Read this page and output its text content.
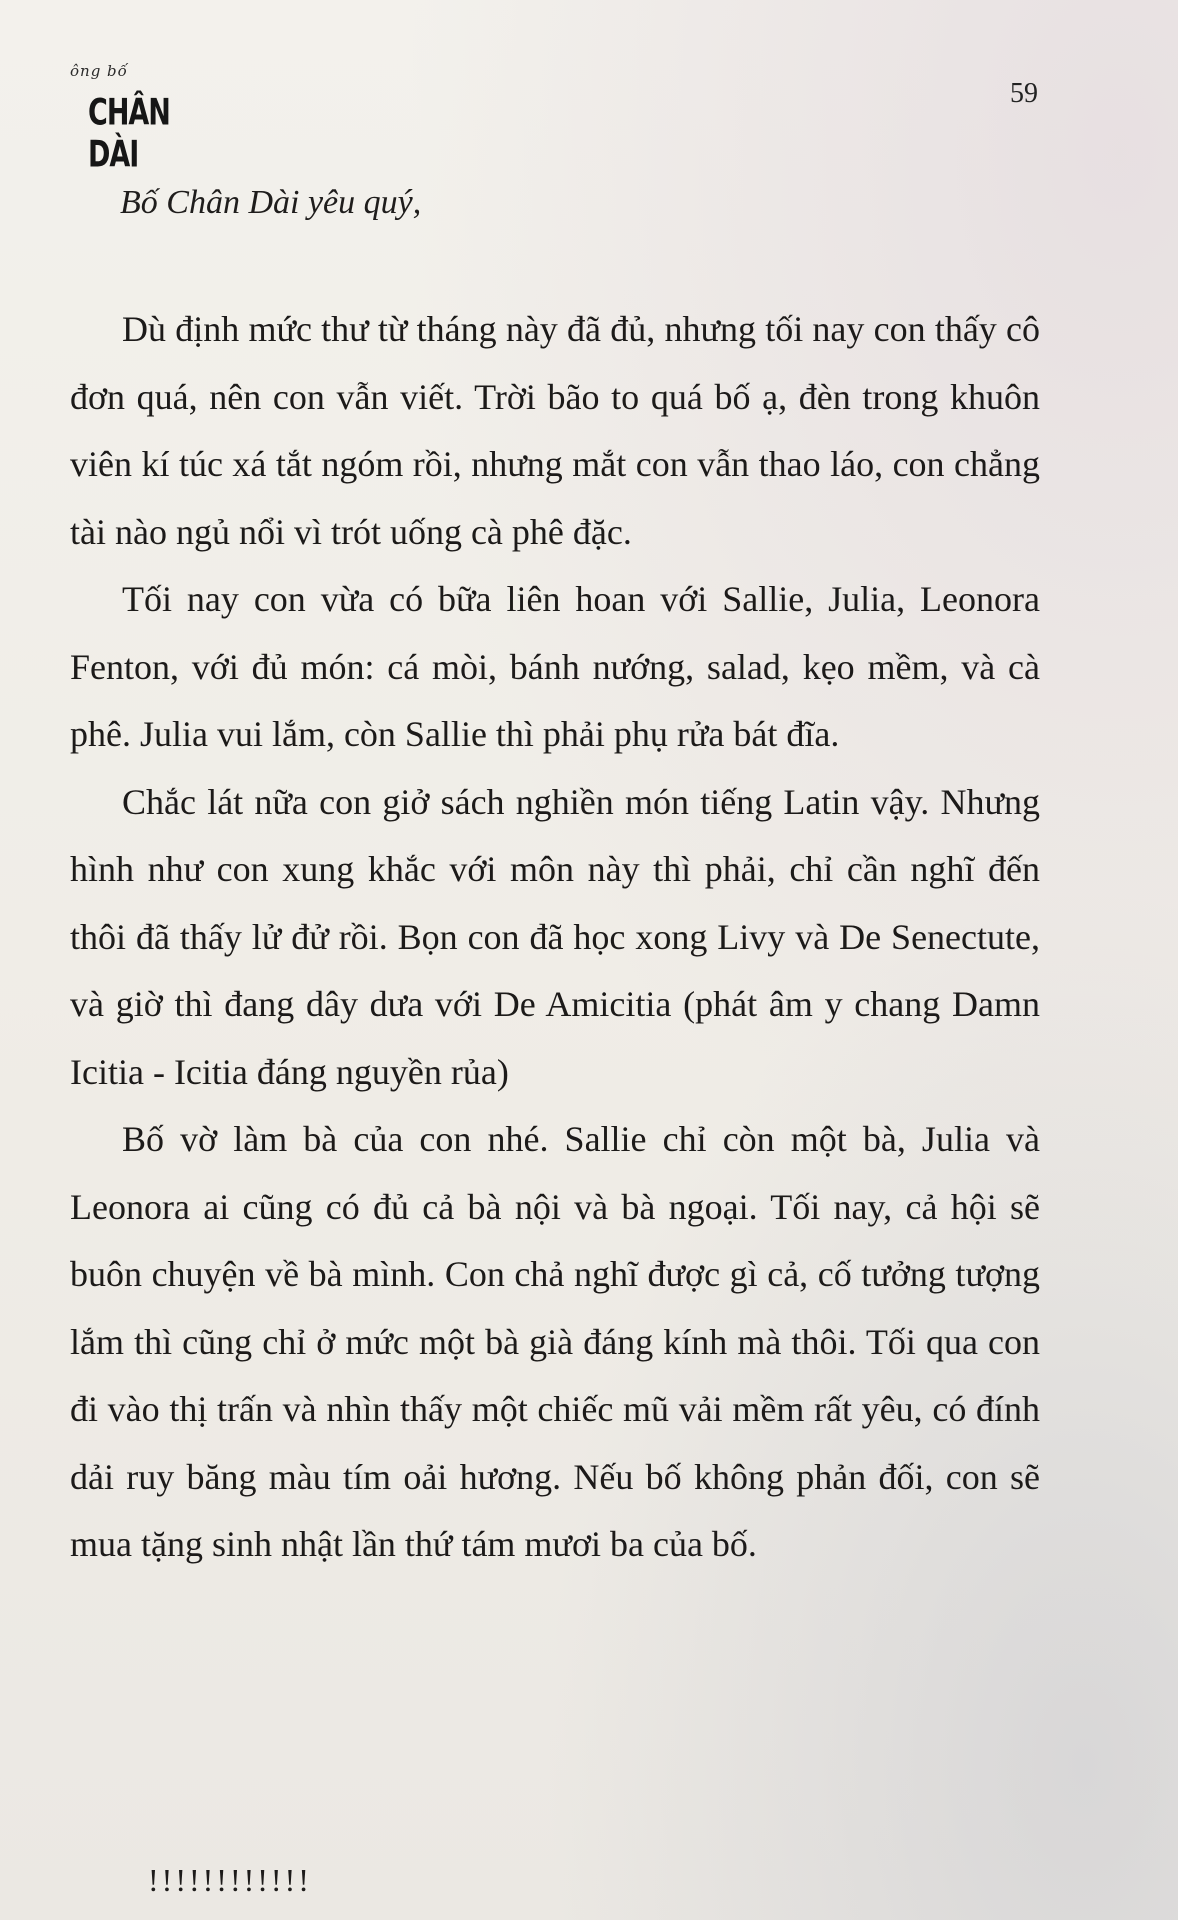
ông bố
CHÂN DÀI
59
Bố Chân Dài yêu quý,

Dù định mức thư từ tháng này đã đủ, nhưng tối nay con thấy cô đơn quá, nên con vẫn viết. Trời bão to quá bố ạ, đèn trong khuôn viên kí túc xá tắt ngóm rồi, nhưng mắt con vẫn thao láo, con chẳng tài nào ngủ nổi vì trót uống cà phê đặc.

Tối nay con vừa có bữa liên hoan với Sallie, Julia, Leonora Fenton, với đủ món: cá mòi, bánh nướng, salad, kẹo mềm, và cà phê. Julia vui lắm, còn Sallie thì phải phụ rửa bát đĩa.

Chắc lát nữa con giở sách nghiền món tiếng Latin vậy. Nhưng hình như con xung khắc với môn này thì phải, chỉ cần nghĩ đến thôi đã thấy lử đử rồi. Bọn con đã học xong Livy và De Senectute, và giờ thì đang dây dưa với De Amicitia (phát âm y chang Damn Icitia - Icitia đáng nguyền rủa)

Bố vờ làm bà của con nhé. Sallie chỉ còn một bà, Julia và Leonora ai cũng có đủ cả bà nội và bà ngoại. Tối nay, cả hội sẽ buôn chuyện về bà mình. Con chả nghĩ được gì cả, cố tưởng tượng lắm thì cũng chỉ ở mức một bà già đáng kính mà thôi. Tối qua con đi vào thị trấn và nhìn thấy một chiếc mũ vải mềm rất yêu, có đính dải ruy băng màu tím oải hương. Nếu bố không phản đối, con sẽ mua tặng sinh nhật lần thứ tám mươi ba của bố.

!!!!!!!!!!!!
